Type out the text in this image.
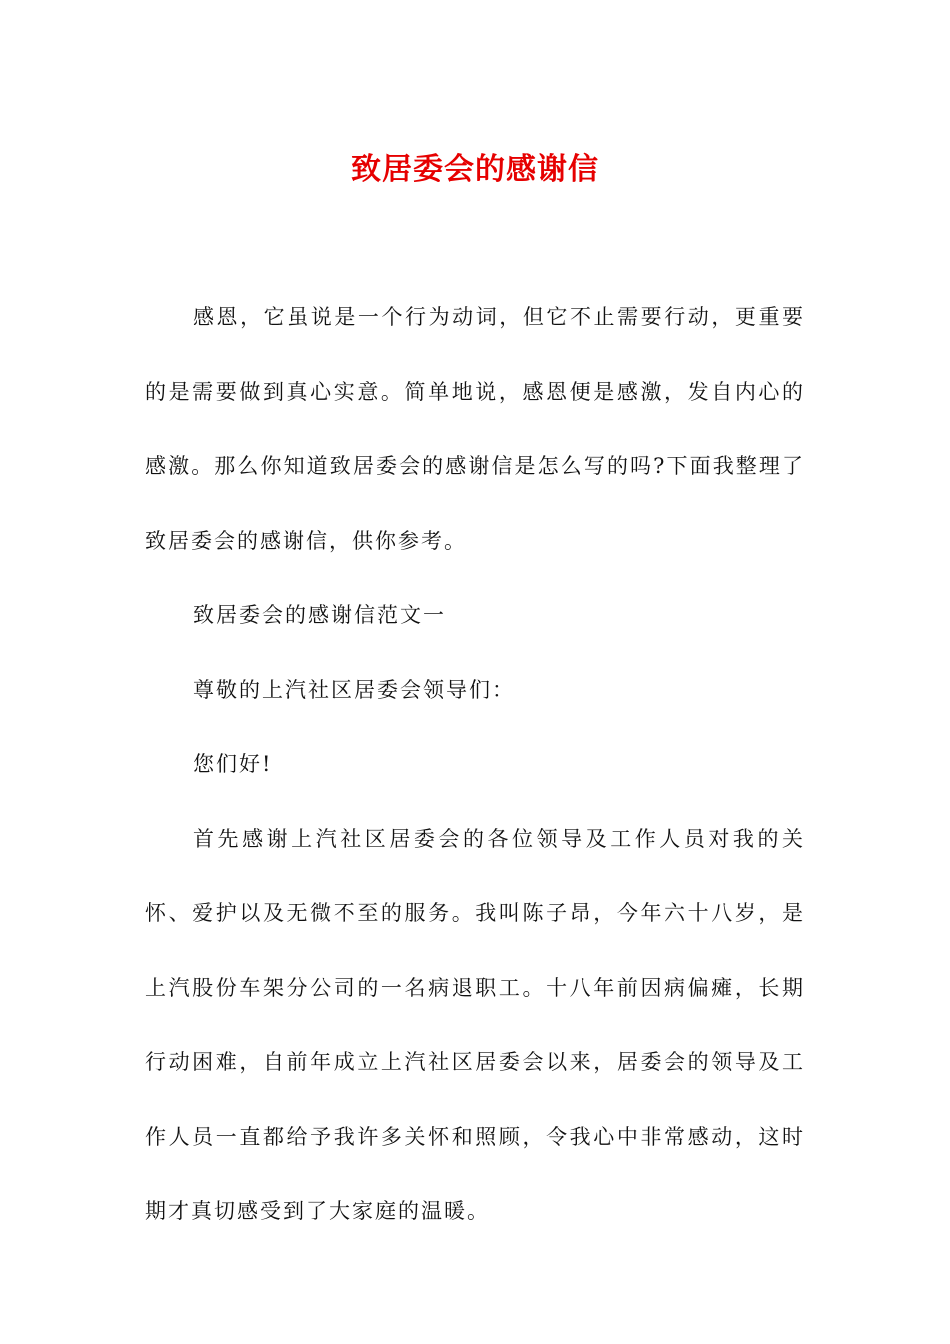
致居委会的感谢信

感恩，它虽说是一个行为动词，但它不止需要行动，更重要的是需要做到真心实意。简单地说，感恩便是感激，发自内心的感激。那么你知道致居委会的感谢信是怎么写的吗?下面我整理了致居委会的感谢信，供你参考。

致居委会的感谢信范文一

尊敬的上汽社区居委会领导们：

您们好!

首先感谢上汽社区居委会的各位领导及工作人员对我的关怀、爱护以及无微不至的服务。我叫陈子昂，今年六十八岁，是上汽股份车架分公司的一名病退职工。十八年前因病偏瘫，长期行动困难，自前年成立上汽社区居委会以来，居委会的领导及工作人员一直都给予我许多关怀和照顾，令我心中非常感动，这时期才真切感受到了大家庭的温暖。
